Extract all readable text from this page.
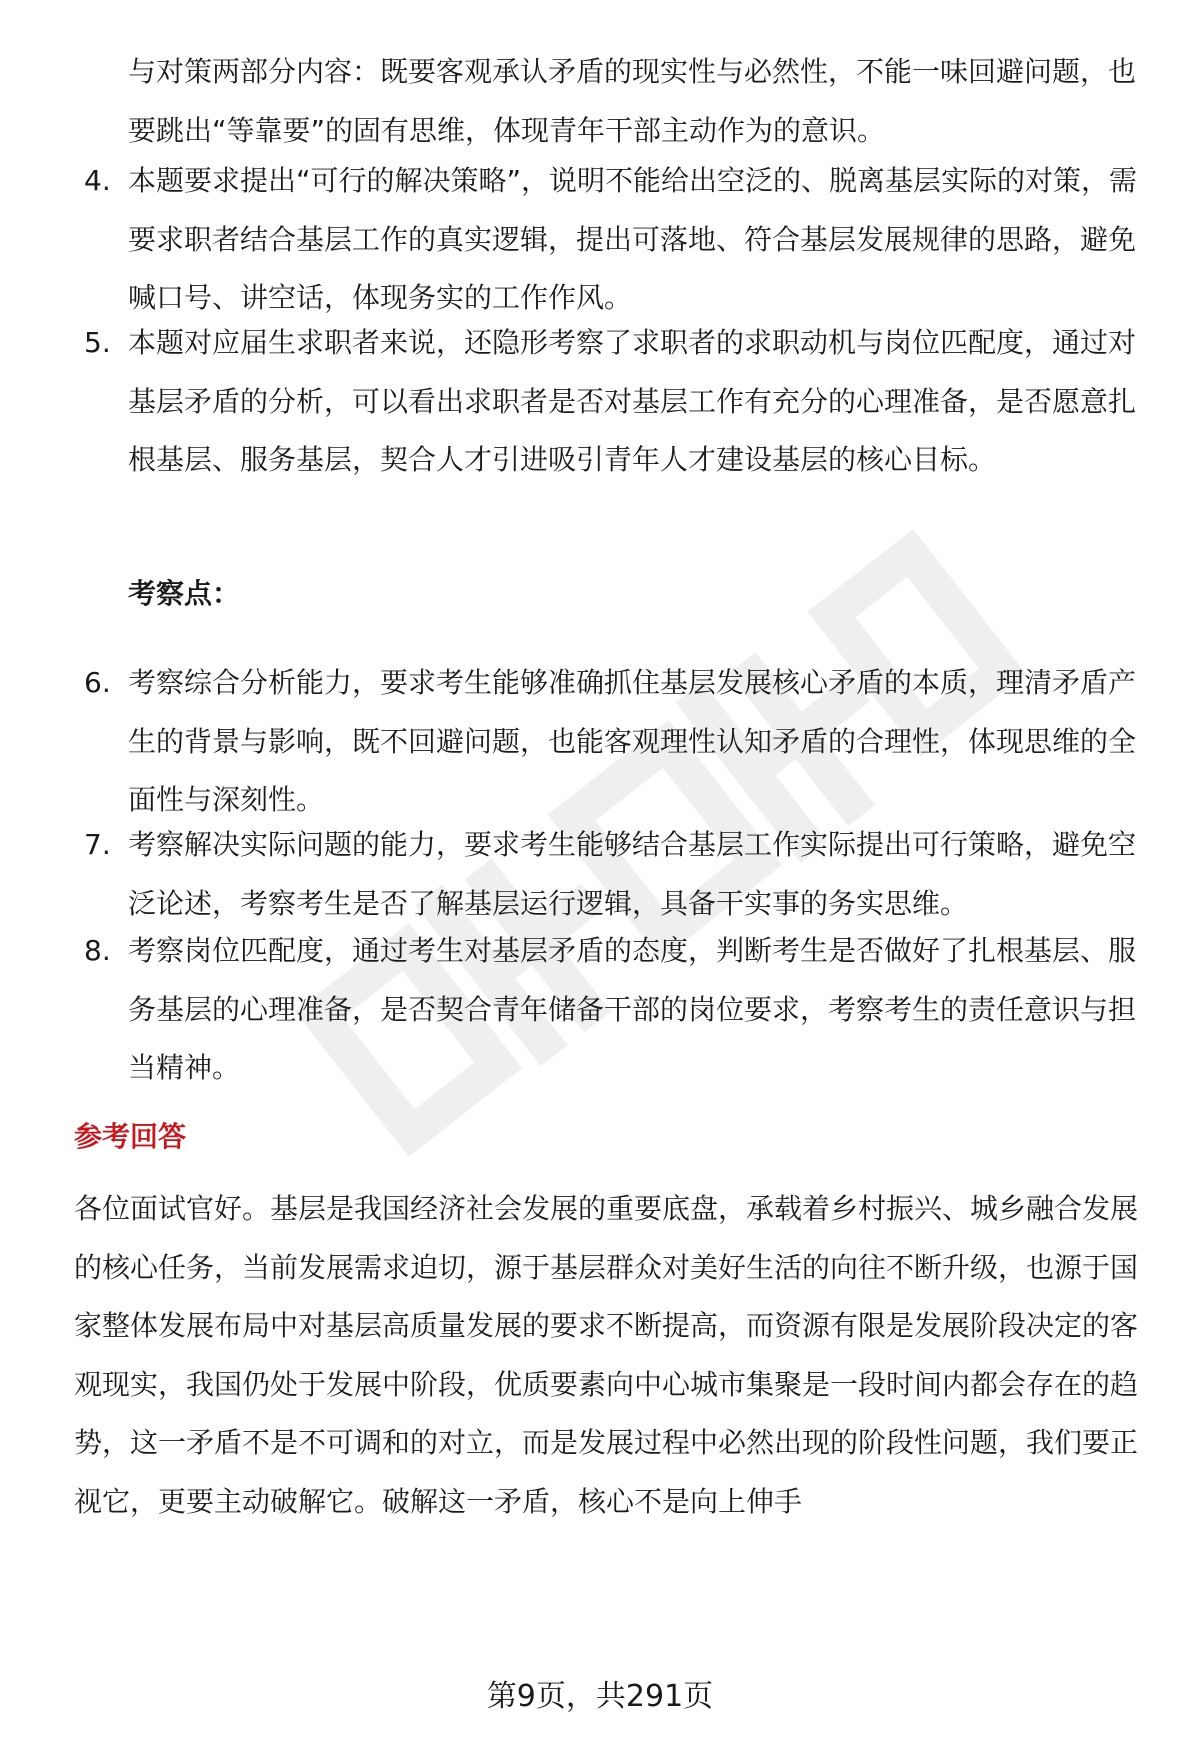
与对策两部分内容：既要客观承认矛盾的现实性与必然性，不能一味回避问题，也要跳出“等靠要”的固有思维，体现青年干部主动作为的意识。
4. 本题要求提出“可行的解决策略”，说明不能给出空泛的、脱离基层实际的对策，需要求职者结合基层工作的真实逻辑，提出可落地、符合基层发展规律的思路，避免喊口号、讲空话，体现务实的工作作风。
5. 本题对应届生求职者来说，还隐形考察了求职者的求职动机与岗位匹配度，通过对基层矛盾的分析，可以看出求职者是否对基层工作有充分的心理准备，是否愿意扎根基层、服务基层，契合人才引进吸引青年人才建设基层的核心目标。
考察点：
6. 考察综合分析能力，要求考生能够准确抓住基层发展核心矛盾的本质，理清矛盾产生的背景与影响，既不回避问题，也能客观理性认知矛盾的合理性，体现思维的全面性与深刻性。
7. 考察解决实际问题的能力，要求考生能够结合基层工作实际提出可行策略，避免空泛论述，考察考生是否了解基层运行逻辑，具备干实事的务实思维。
8. 考察岗位匹配度，通过考生对基层矛盾的态度，判断考生是否做好了扎根基层、服务基层的心理准备，是否契合青年储备干部的岗位要求，考察考生的责任意识与担当精神。
参考回答
各位面试官好。基层是我国经济社会发展的重要底盘，承载着乡村振兴、城乡融合发展的核心任务，当前发展需求迫切，源于基层群众对美好生活的向往不断升级，也源于国家整体发展布局中对基层高质量发展的要求不断提高，而资源有限是发展阶段决定的客观现实，我国仍处于发展中阶段，优质要素向中心城市集聚是一段时间内都会存在的趋势，这一矛盾不是不可调和的对立，而是发展过程中必然出现的阶段性问题，我们要正视它，更要主动破解它。破解这一矛盾，核心不是向上伸手
第9页，共291页
